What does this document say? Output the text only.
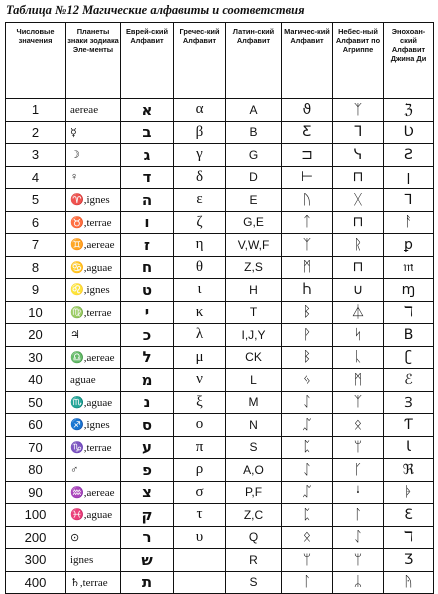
Таблица №12 Магические алфавиты и соответствия
Числовые значения	Планеты знаки зодиака Эле-менты	Еврей-ский Алфавит	Гречес-кий Алфавит	Латин-ский Алфавит	Магичес-кий Алфавит	Небес-ный Алфавит по Агриппе	Энохоан-ский Алфавит Джина Ди
1	aereae	א	α	A	ϑ	ᛉ	ℨ
2	☿	ב	β	B	Ƹ	ᒣ	Ʋ
3	☽	ג	γ	G	⊐	ᓭ	Ƨ
4	♀	ד	δ	D	⊢	⊓	ꞁ
5	♈,ignes	ה	ε	E	ᚢ	ᚷ	⅂
6	♉,terrae	ו	ζ	G,E	ᛏ	⊓	ᚨ
7	♊,aereae	ז	η	V,W,F	ᛉ	ᚱ	ꝑ
8	♋,aguae	ח	θ	Z,S	ᛗ	⊓	𝔪
9	♌,ignes	ט	ι	H	Ⴙ	∪	ɱ
10	♍,terrae	י	κ	T	ᛒ	⏃	ℸ
20	♃	כ	λ	I,J,Y	ᚹ	ᛋ	B
30	♎,aereae	ל	μ	CK	ᛒ	ᚳ	ʗ
40	aguae	מ	ν	L	ᛃ	ᛗ	ℰ
50	♏,aguae	נ	ξ	M	ᛇ	ᛉ	Ɜ
60	♐,ignes	ס	ο	N	ᛢ	ᛟ	Ƭ
70	♑,terrae	ע	π	S	ᛈ	ᛘ	Ɩ
80	♂	פ	ρ	A,O	ᛇ	ᚴ	ℜ
90	♒,aereae	צ	σ	P,F	ᛢ	ᛍ	ᚧ
100	♓,aguae	ק	τ	Z,C	ᛈ	ᛚ	Ɛ
200	⊙	ר	υ	Q	ᛟ	ᛇ	ℸ
300	ignes	ש		R	ᛘ	ᛘ	Ʒ
400	♄,terrae	ת		S	ᛚ	ᛦ	ᚤ
